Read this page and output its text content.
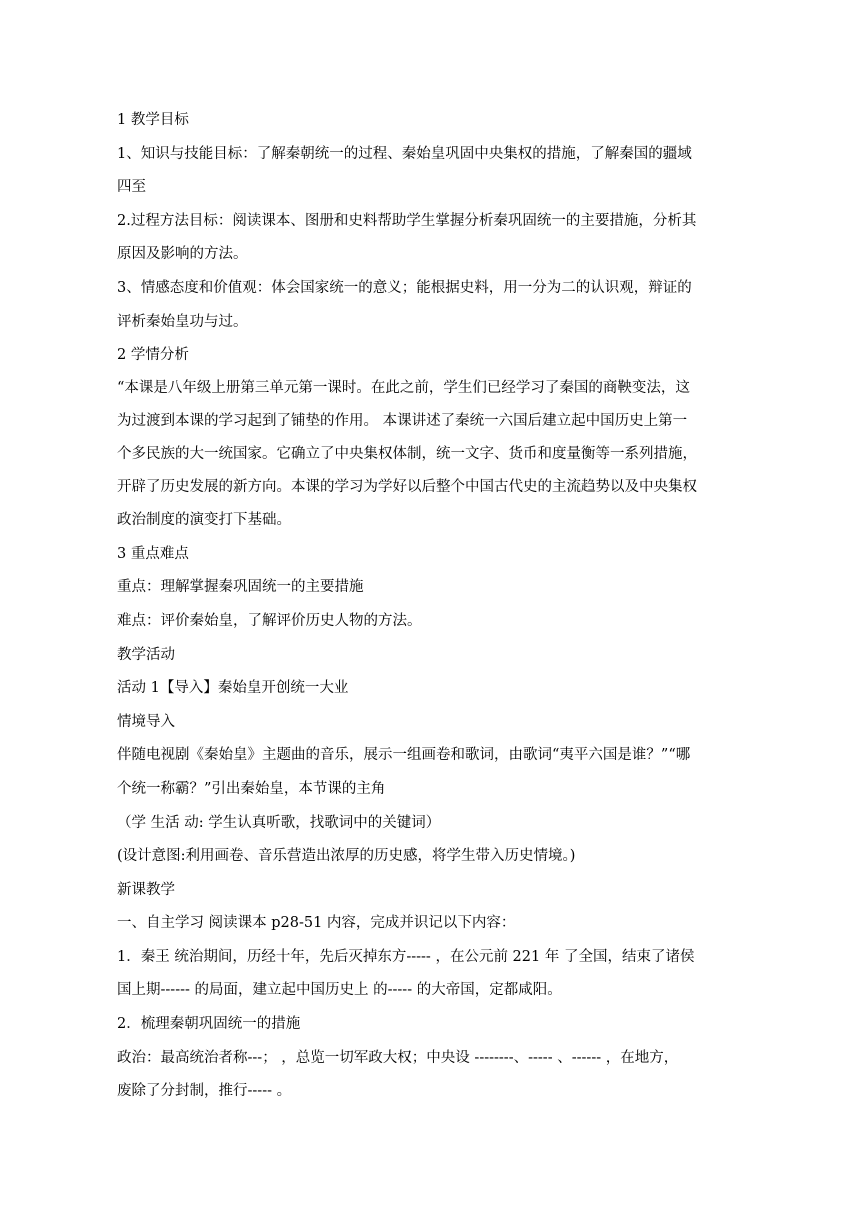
1 教学目标
1、知识与技能目标：了解秦朝统一的过程、秦始皇巩固中央集权的措施，了解秦国的疆域
四至
2.过程方法目标：阅读课本、图册和史料帮助学生掌握分析秦巩固统一的主要措施，分析其
原因及影响的方法。
3、情感态度和价值观：体会国家统一的意义；能根据史料，用一分为二的认识观，辩证的
评析秦始皇功与过。
2 学情分析
“本课是八年级上册第三单元第一课时。在此之前，学生们已经学习了秦国的商鞅变法，这
为过渡到本课的学习起到了铺垫的作用。 本课讲述了秦统一六国后建立起中国历史上第一
个多民族的大一统国家。它确立了中央集权体制，统一文字、货币和度量衡等一系列措施，
开辟了历史发展的新方向。本课的学习为学好以后整个中国古代史的主流趋势以及中央集权
政治制度的演变打下基础。
3 重点难点
重点：理解掌握秦巩固统一的主要措施
难点：评价秦始皇，了解评价历史人物的方法。
教学活动
活动 1【导入】秦始皇开创统一大业
情境导入
伴随电视剧《秦始皇》主题曲的音乐，展示一组画卷和歌词，由歌词“夷平六国是谁？”“哪
个统一称霸？”引出秦始皇，本节课的主角
（学 生活 动: 学生认真听歌，找歌词中的关键词）
(设计意图:利用画卷、音乐营造出浓厚的历史感，将学生带入历史情境。)
新课教学
一、自主学习 阅读课本 p28-51 内容，完成并识记以下内容：
1．秦王 统治期间，历经十年，先后灭掉东方----- ，在公元前 221 年 了全国，结束了诸侯
国上期------ 的局面，建立起中国历史上 的----- 的大帝国，定都咸阳。
2．梳理秦朝巩固统一的措施
政治：最高统治者称---； ，总览一切军政大权；中央设 --------、----- 、------ ，在地方，
废除了分封制，推行----- 。
